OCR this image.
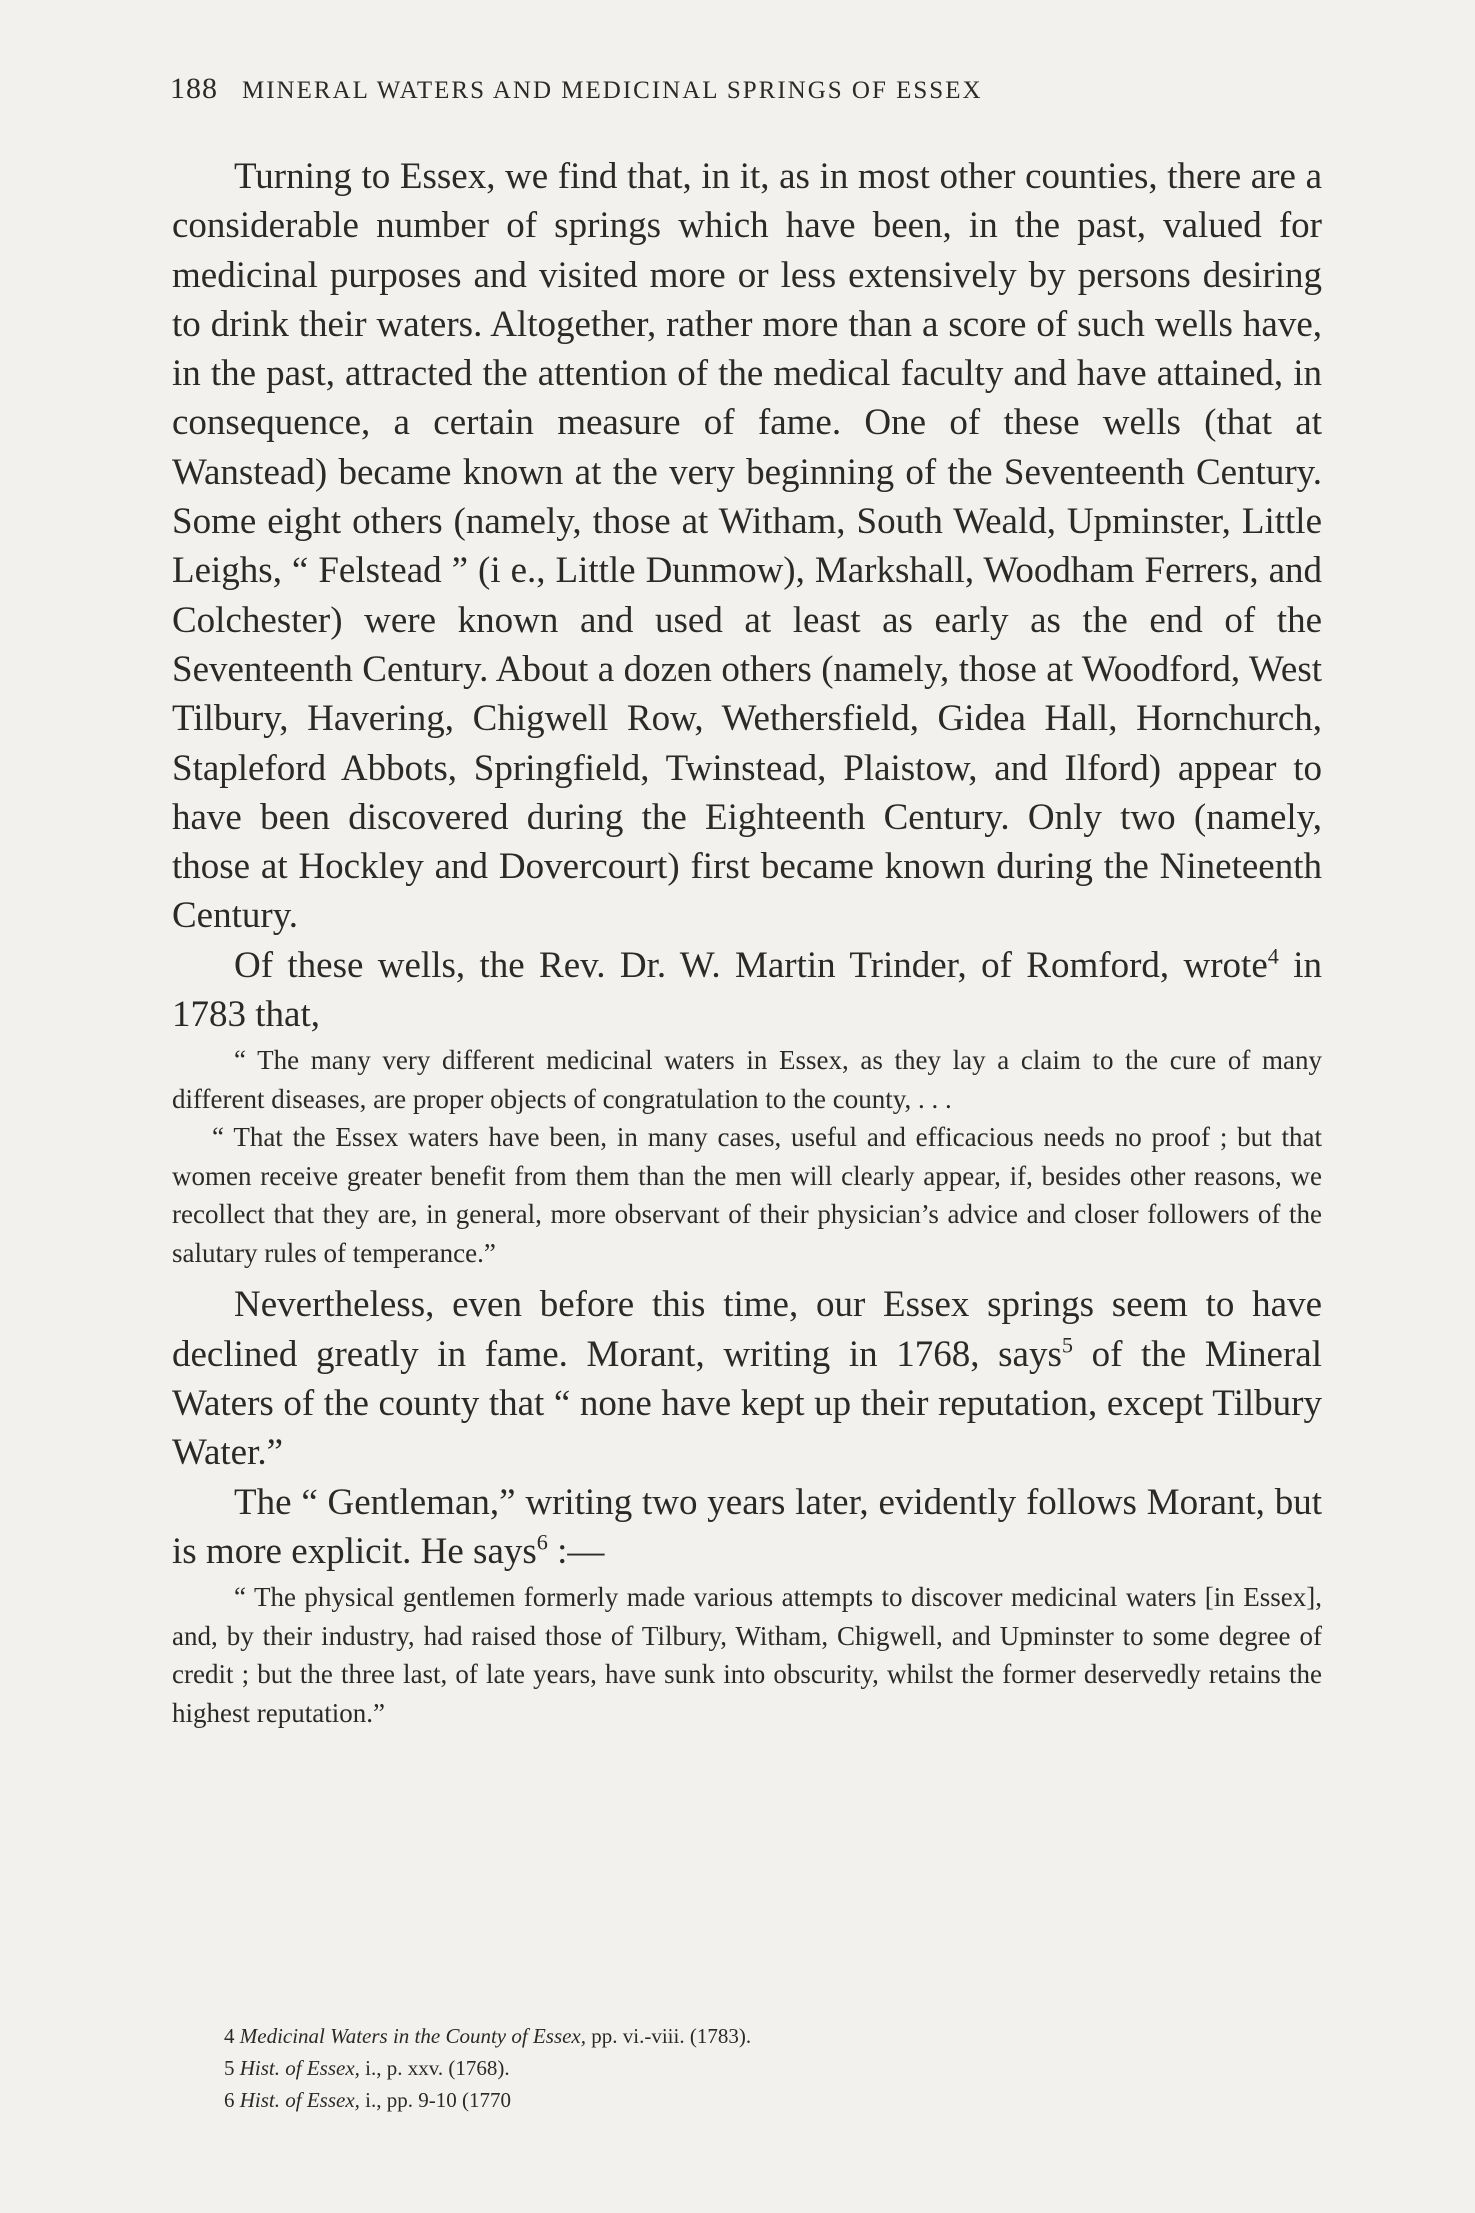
188 MINERAL WATERS AND MEDICINAL SPRINGS OF ESSEX

Turning to Essex, we find that, in it, as in most other counties, there are a considerable number of springs which have been, in the past, valued for medicinal purposes and visited more or less extensively by persons desiring to drink their waters. Altogether, rather more than a score of such wells have, in the past, attracted the attention of the medical faculty and have attained, in consequence, a certain measure of fame. One of these wells (that at Wanstead) became known at the very beginning of the Seventeenth Century. Some eight others (namely, those at Witham, South Weald, Upminster, Little Leighs, “ Felstead ” (i e., Little Dunmow), Markshall, Woodham Ferrers, and Colchester) were known and used at least as early as the end of the Seventeenth Century. About a dozen others (namely, those at Woodford, West Tilbury, Havering, Chigwell Row, Wethersfield, Gidea Hall, Hornchurch, Stapleford Abbots, Springfield, Twinstead, Plaistow, and Ilford) appear to have been discovered during the Eighteenth Century. Only two (namely, those at Hockley and Dovercourt) first became known during the Nineteenth Century.

Of these wells, the Rev. Dr. W. Martin Trinder, of Romford, wrote$^4$ in 1783 that,

“ The many very different medicinal waters in Essex, as they lay a claim to the cure of many different diseases, are proper objects of congratulation to the county, . . .

“ That the Essex waters have been, in many cases, useful and efficacious needs no proof ; but that women receive greater benefit from them than the men will clearly appear, if, besides other reasons, we recollect that they are, in general, more observant of their physician’s advice and closer followers of the salutary rules of temperance.”

Nevertheless, even before this time, our Essex springs seem to have declined greatly in fame. Morant, writing in 1768, says$^5$ of the Mineral Waters of the county that “ none have kept up their reputation, except Tilbury Water.”

The “ Gentleman,” writing two years later, evidently follows Morant, but is more explicit. He says$^6$ :—

“ The physical gentlemen formerly made various attempts to discover medicinal waters [in Essex], and, by their industry, had raised those of Tilbury, Witham, Chigwell, and Upminster to some degree of credit ; but the three last, of late years, have sunk into obscurity, whilst the former deservedly retains the highest reputation.”

4 Medicinal Waters in the County of Essex, pp. vi.-viii. (1783).
5 Hist. of Essex, i., p. xxv. (1768).
6 Hist. of Essex, i., pp. 9-10 (1770
